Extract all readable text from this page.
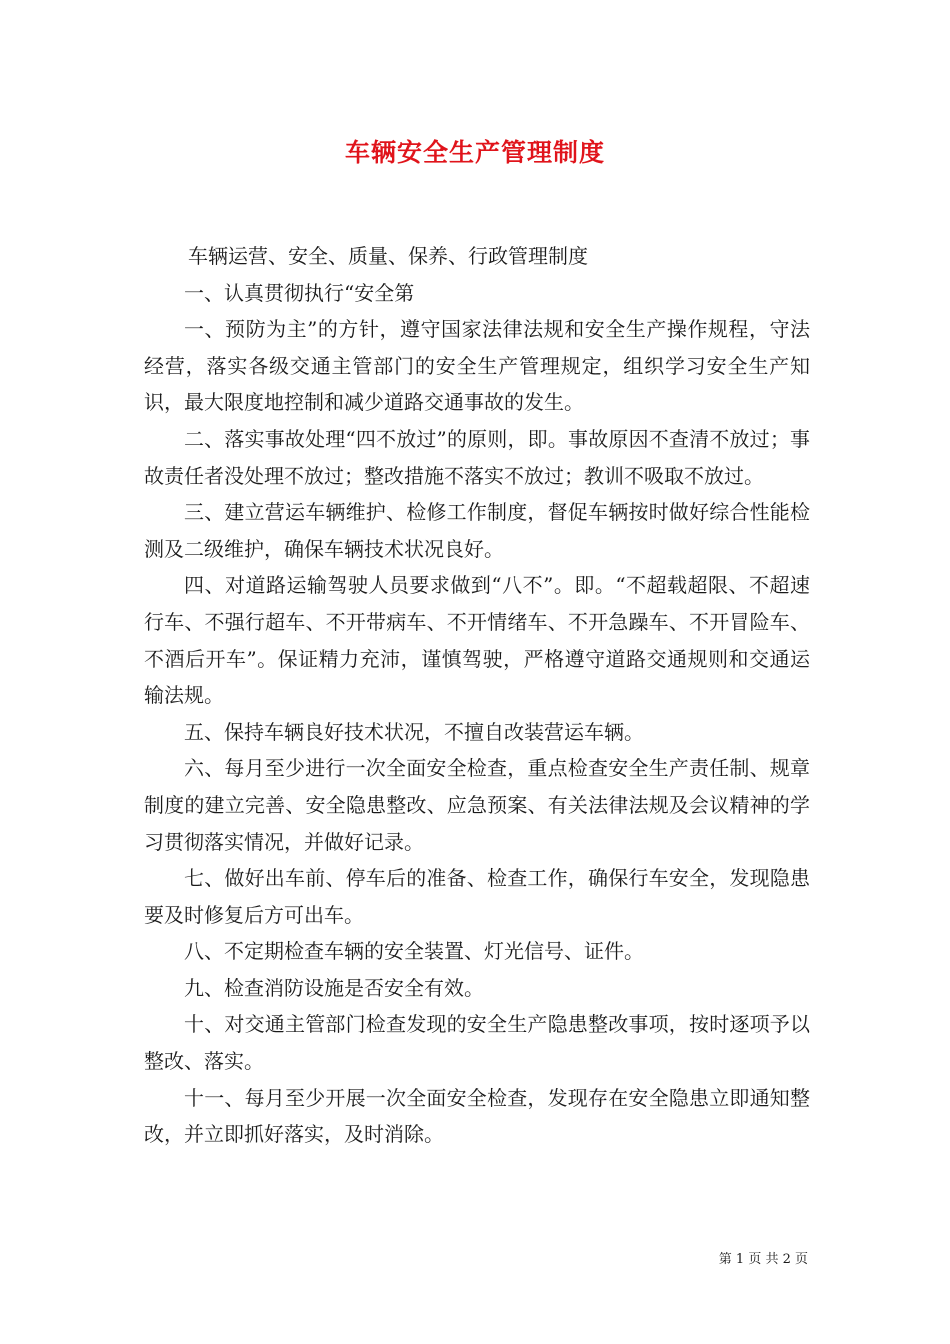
车辆安全生产管理制度

车辆运营、安全、质量、保养、行政管理制度

一、认真贯彻执行“安全第

一、预防为主”的方针，遵守国家法律法规和安全生产操作规程，守法经营，落实各级交通主管部门的安全生产管理规定，组织学习安全生产知识，最大限度地控制和减少道路交通事故的发生。

二、落实事故处理“四不放过”的原则，即。事故原因不查清不放过；事故责任者没处理不放过；整改措施不落实不放过；教训不吸取不放过。

三、建立营运车辆维护、检修工作制度，督促车辆按时做好综合性能检测及二级维护，确保车辆技术状况良好。

四、对道路运输驾驶人员要求做到“八不”。即。“不超载超限、不超速行车、不强行超车、不开带病车、不开情绪车、不开急躁车、不开冒险车、不酒后开车”。保证精力充沛，谨慎驾驶，严格遵守道路交通规则和交通运输法规。

五、保持车辆良好技术状况，不擅自改装营运车辆。

六、每月至少进行一次全面安全检查，重点检查安全生产责任制、规章制度的建立完善、安全隐患整改、应急预案、有关法律法规及会议精神的学习贯彻落实情况，并做好记录。

七、做好出车前、停车后的准备、检查工作，确保行车安全，发现隐患要及时修复后方可出车。

八、不定期检查车辆的安全装置、灯光信号、证件。

九、检查消防设施是否安全有效。

十、对交通主管部门检查发现的安全生产隐患整改事项，按时逐项予以整改、落实。

十一、每月至少开展一次全面安全检查，发现存在安全隐患立即通知整改，并立即抓好落实，及时消除。

第 1 页 共 2 页
